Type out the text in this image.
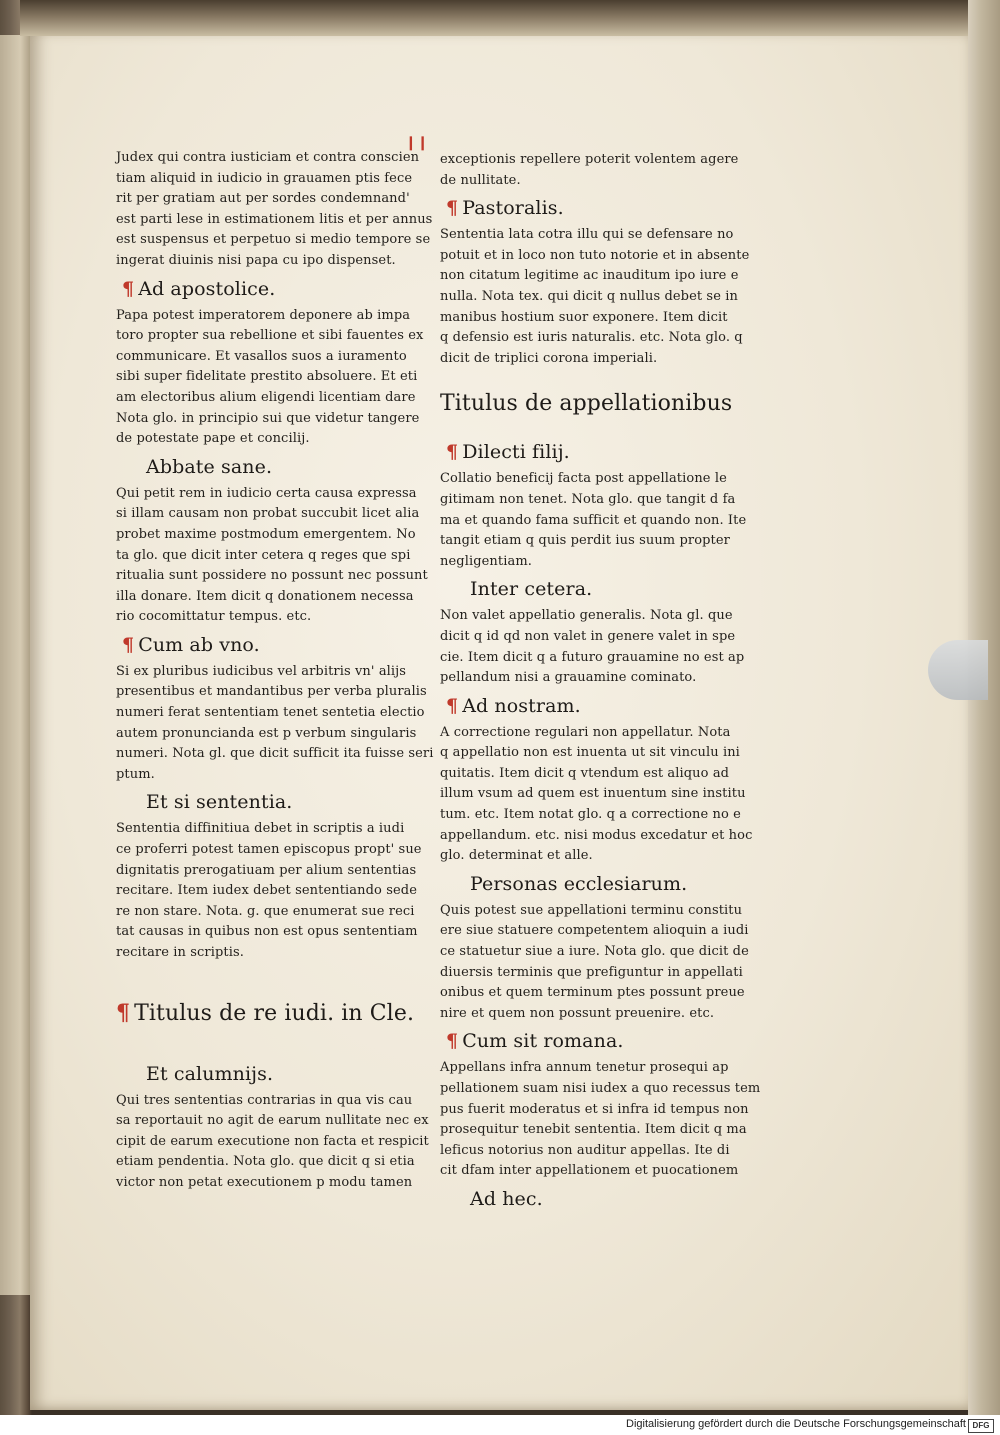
❙❙
Judex qui contra iusticiam et contra conscien
tiam aliquid in iudicio in grauamen ptis fece
rit per gratiam aut per sordes condemnand'
est parti lese in estimationem litis et per annus
est suspensus et perpetuo si medio tempore se
ingerat diuinis nisi papa cu ipo dispenset.
¶ Ad apostolice.
Papa potest imperatorem deponere ab impa
toro propter sua rebellione et sibi fauentes ex
communicare. Et vasallos suos a iuramento
sibi super fidelitate prestito absoluere. Et eti
am electoribus alium eligendi licentiam dare
Nota glo. in principio sui que videtur tangere
de potestate pape et concilij.
Abbate sane.
Qui petit rem in iudicio certa causa expressa
si illam causam non probat succubit licet alia
probet maxime postmodum emergentem. No
ta glo. que dicit inter cetera q reges que spi
ritualia sunt possidere no possunt nec possunt
illa donare. Item dicit q donationem necessa
rio cocomittatur tempus. etc.
¶ Cum ab vno.
Si ex pluribus iudicibus vel arbitris vn' alijs
presentibus et mandantibus per verba pluralis
numeri ferat sententiam tenet sentetia electio
autem pronuncianda est p verbum singularis
numeri. Nota gl. que dicit sufficit ita fuisse seri
ptum.
Et si sententia.
Sententia diffinitiua debet in scriptis a iudi
ce proferri potest tamen episcopus propt' sue
dignitatis prerogatiuam per alium sententias
recitare. Item iudex debet sententiando sede
re non stare. Nota. g. que enumerat sue reci
tat causas in quibus non est opus sententiam
recitare in scriptis.
¶ Titulus de re iudi. in Cle.
Et calumnijs.
Qui tres sententias contrarias in qua vis cau
sa reportauit no agit de earum nullitate nec ex
cipit de earum executione non facta et respicit
etiam pendentia. Nota glo. que dicit q si etia
victor non petat executionem p modu tamen
exceptionis repellere poterit volentem agere
de nullitate.
¶ Pastoralis.
Sententia lata cotra illu qui se defensare no
potuit et in loco non tuto notorie et in absente
non citatum legitime ac inauditum ipo iure e
nulla. Nota tex. qui dicit q nullus debet se in
manibus hostium suor exponere. Item dicit
q defensio est iuris naturalis. etc. Nota glo. q
dicit de triplici corona imperiali.
Titulus de appellationibus
¶ Dilecti filij.
Collatio beneficij facta post appellatione le
gitimam non tenet. Nota glo. que tangit d fa
ma et quando fama sufficit et quando non. Ite
tangit etiam q quis perdit ius suum propter
negligentiam.
Inter cetera.
Non valet appellatio generalis. Nota gl. que
dicit q id qd non valet in genere valet in spe
cie. Item dicit q a futuro grauamine no est ap
pellandum nisi a grauamine cominato.
¶ Ad nostram.
A correctione regulari non appellatur. Nota
q appellatio non est inuenta ut sit vinculu ini
quitatis. Item dicit q vtendum est aliquo ad
illum vsum ad quem est inuentum sine institu
tum. etc. Item notat glo. q a correctione no e
appellandum. etc. nisi modus excedatur et hoc
glo. determinat et alle.
Personas ecclesiarum.
Quis potest sue appellationi terminu constitu
ere siue statuere competentem alioquin a iudi
ce statuetur siue a iure. Nota glo. que dicit de
diuersis terminis que prefiguntur in appellati
onibus et quem terminum ptes possunt preue
nire et quem non possunt preuenire. etc.
¶ Cum sit romana.
Appellans infra annum tenetur prosequi ap
pellationem suam nisi iudex a quo recessus tem
pus fuerit moderatus et si infra id tempus non
prosequitur tenebit sententia. Item dicit q ma
leficus notorius non auditur appellas. Ite di
cit dfam inter appellationem et puocationem
Ad hec.
Digitalisierung gefördert durch die Deutsche Forschungsgemeinschaft DFG
